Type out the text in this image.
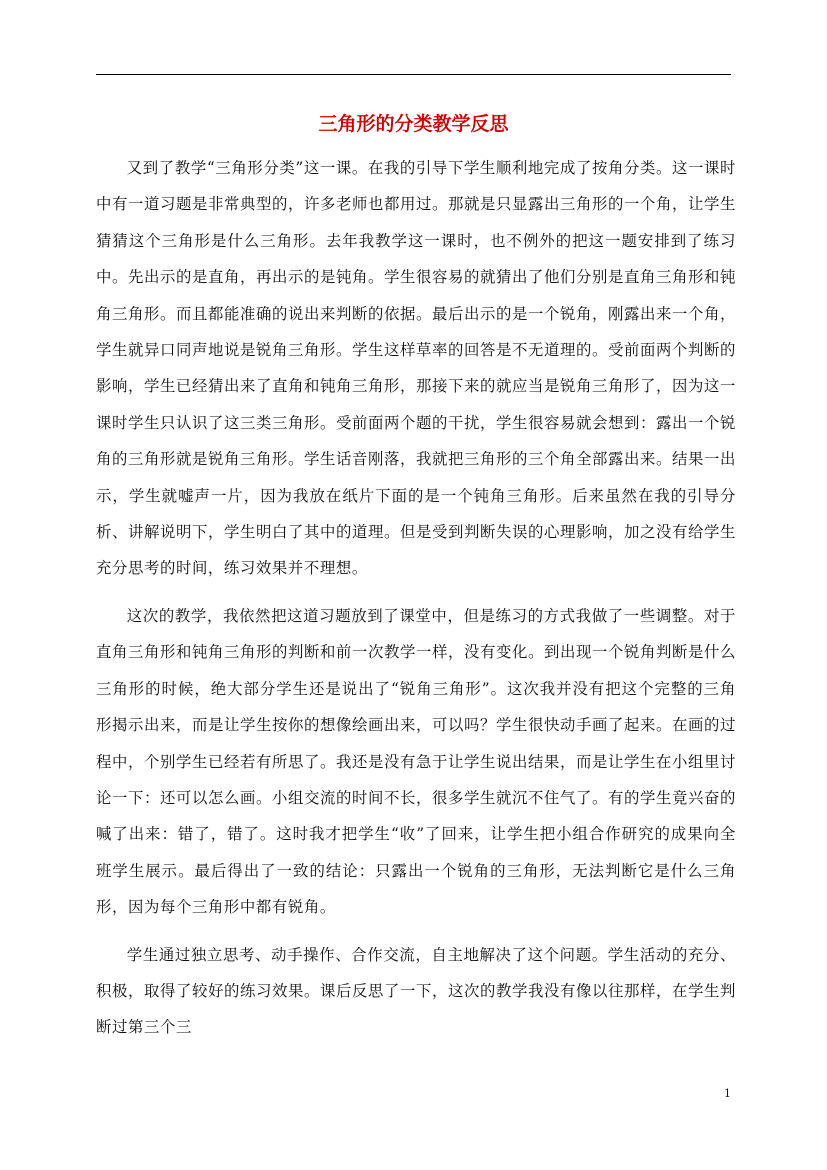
三角形的分类教学反思

又到了教学“三角形分类”这一课。在我的引导下学生顺利地完成了按角分类。这一课时中有一道习题是非常典型的，许多老师也都用过。那就是只显露出三角形的一个角，让学生猜猜这个三角形是什么三角形。去年我教学这一课时，也不例外的把这一题安排到了练习中。先出示的是直角，再出示的是钝角。学生很容易的就猜出了他们分别是直角三角形和钝角三角形。而且都能准确的说出来判断的依据。最后出示的是一个锐角，刚露出来一个角，学生就异口同声地说是锐角三角形。学生这样草率的回答是不无道理的。受前面两个判断的影响，学生已经猜出来了直角和钝角三角形，那接下来的就应当是锐角三角形了，因为这一课时学生只认识了这三类三角形。受前面两个题的干扰，学生很容易就会想到：露出一个锐角的三角形就是锐角三角形。学生话音刚落，我就把三角形的三个角全部露出来。结果一出示，学生就嘘声一片，因为我放在纸片下面的是一个钝角三角形。后来虽然在我的引导分析、讲解说明下，学生明白了其中的道理。但是受到判断失误的心理影响，加之没有给学生充分思考的时间，练习效果并不理想。

这次的教学，我依然把这道习题放到了课堂中，但是练习的方式我做了一些调整。对于直角三角形和钝角三角形的判断和前一次教学一样，没有变化。到出现一个锐角判断是什么三角形的时候，绝大部分学生还是说出了“锐角三角形”。这次我并没有把这个完整的三角形揭示出来，而是让学生按你的想像绘画出来，可以吗？学生很快动手画了起来。在画的过程中，个别学生已经若有所思了。我还是没有急于让学生说出结果，而是让学生在小组里讨论一下：还可以怎么画。小组交流的时间不长，很多学生就沉不住气了。有的学生竟兴奋的喊了出来：错了，错了。这时我才把学生“收”了回来，让学生把小组合作研究的成果向全班学生展示。最后得出了一致的结论：只露出一个锐角的三角形，无法判断它是什么三角形，因为每个三角形中都有锐角。

学生通过独立思考、动手操作、合作交流，自主地解决了这个问题。学生活动的充分、积极，取得了较好的练习效果。课后反思了一下，这次的教学我没有像以往那样，在学生判断过第三个三

1
